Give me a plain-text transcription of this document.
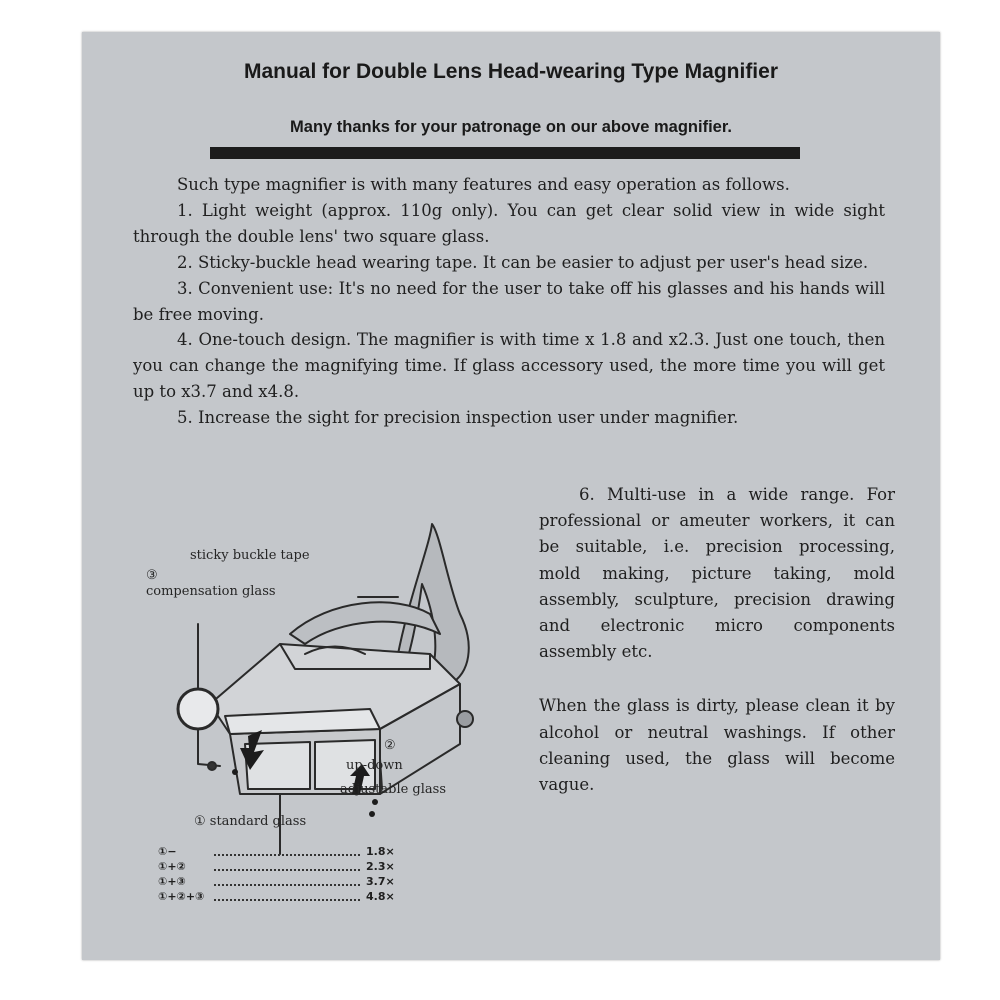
Manual for Double Lens Head-wearing Type Magnifier
Many thanks for your patronage on our above magnifier.

Such type magnifier is with many features and easy operation as follows.

1. Light weight (approx. 110g only). You can get clear solid view in wide sight through the double lens' two square glass.

2. Sticky-buckle head wearing tape. It can be easier to adjust per user's head size.

3. Convenient use: It's no need for the user to take off his glasses and his hands will be free moving.

4. One-touch design. The magnifier is with time x 1.8 and x2.3. Just one touch, then you can change the magnifying time. If glass accessory used, the more time you will get up to x3.7 and x4.8.

5. Increase the sight for precision inspection user under magnifier.

6. Multi-use in a wide range. For professional or ameuter workers, it can be suitable, i.e. precision processing, mold making, picture taking, mold assembly, sculpture, precision drawing and electronic micro components assembly etc.

When the glass is dirty, please clean it by alcohol or neutral washings. If other cleaning used, the glass will become vague.

sticky buckle tape
③
compensation glass
②
up-down
adjustable glass
① standard glass
①−	1.8×
①+②	2.3×
①+③	3.7×
①+②+③	4.8×
